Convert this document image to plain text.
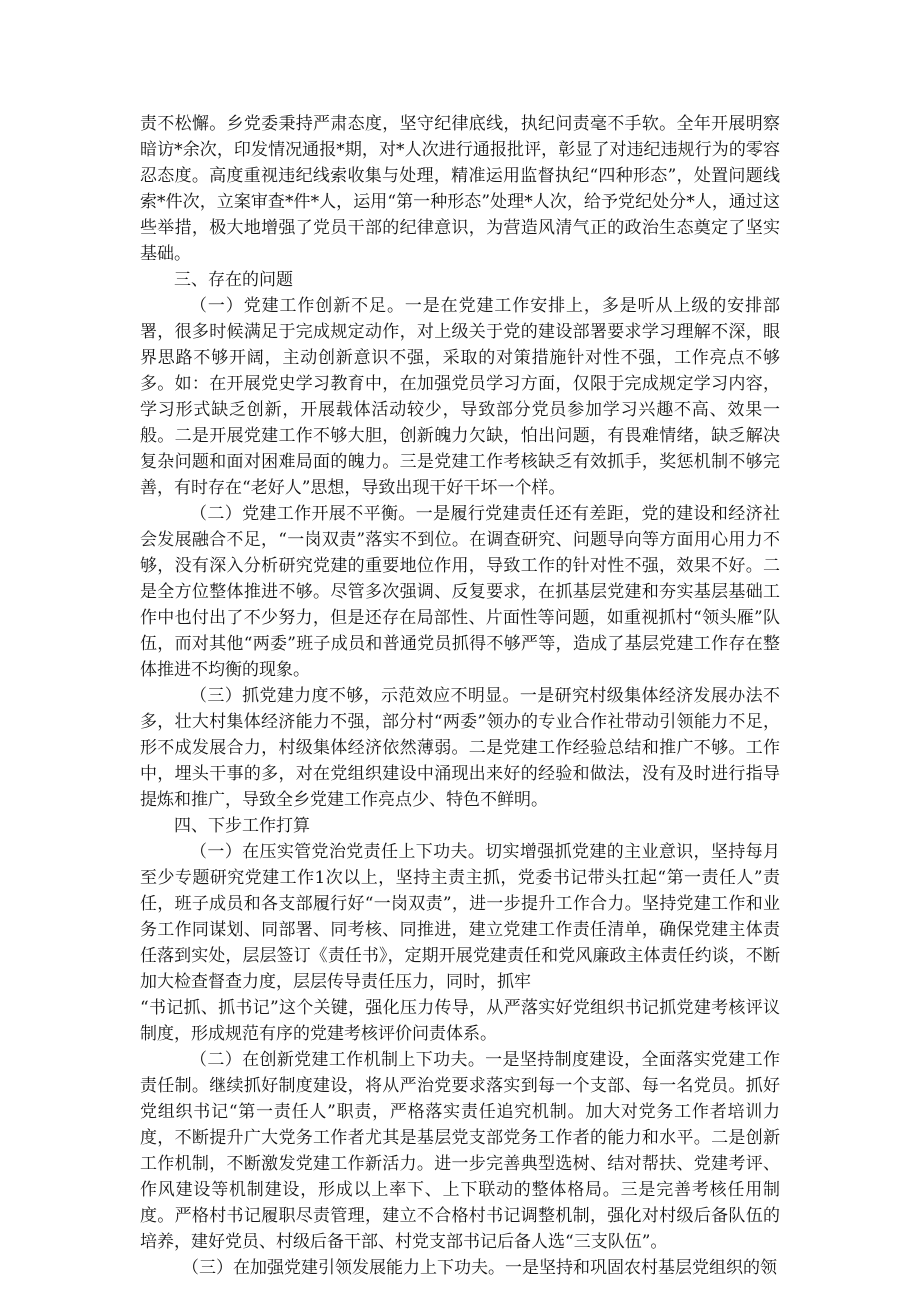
责不松懈。乡党委秉持严肃态度，坚守纪律底线，执纪问责毫不手软。全年开展明察暗访*余次，印发情况通报*期，对*人次进行通报批评，彰显了对违纪违规行为的零容忍态度。高度重视违纪线索收集与处理，精准运用监督执纪“四种形态”，处置问题线索*件次，立案审查*件*人，运用“第一种形态”处理*人次，给予党纪处分*人，通过这些举措，极大地增强了党员干部的纪律意识，为营造风清气正的政治生态奠定了坚实基础。

三、存在的问题

（一）党建工作创新不足。一是在党建工作安排上，多是听从上级的安排部署，很多时候满足于完成规定动作，对上级关于党的建设部署要求学习理解不深，眼界思路不够开阔，主动创新意识不强，采取的对策措施针对性不强，工作亮点不够多。如：在开展党史学习教育中，在加强党员学习方面，仅限于完成规定学习内容，学习形式缺乏创新，开展载体活动较少，导致部分党员参加学习兴趣不高、效果一般。二是开展党建工作不够大胆，创新魄力欠缺，怕出问题，有畏难情绪，缺乏解决复杂问题和面对困难局面的魄力。三是党建工作考核缺乏有效抓手，奖惩机制不够完善，有时存在“老好人”思想，导致出现干好干坏一个样。

（二）党建工作开展不平衡。一是履行党建责任还有差距，党的建设和经济社会发展融合不足，“一岗双责”落实不到位。在调查研究、问题导向等方面用心用力不够，没有深入分析研究党建的重要地位作用，导致工作的针对性不强，效果不好。二是全方位整体推进不够。尽管多次强调、反复要求，在抓基层党建和夯实基层基础工作中也付出了不少努力，但是还存在局部性、片面性等问题，如重视抓村“领头雁”队伍，而对其他“两委”班子成员和普通党员抓得不够严等，造成了基层党建工作存在整体推进不均衡的现象。

（三）抓党建力度不够，示范效应不明显。一是研究村级集体经济发展办法不多，壮大村集体经济能力不强，部分村“两委”领办的专业合作社带动引领能力不足，形不成发展合力，村级集体经济依然薄弱。二是党建工作经验总结和推广不够。工作中，埋头干事的多，对在党组织建设中涌现出来好的经验和做法，没有及时进行指导提炼和推广，导致全乡党建工作亮点少、特色不鲜明。

四、下步工作打算

（一）在压实管党治党责任上下功夫。切实增强抓党建的主业意识，坚持每月至少专题研究党建工作1次以上，坚持主责主抓，党委书记带头扛起“第一责任人”责任，班子成员和各支部履行好“一岗双责”，进一步提升工作合力。坚持党建工作和业务工作同谋划、同部署、同考核、同推进，建立党建工作责任清单，确保党建主体责任落到实处，层层签订《责任书》，定期开展党建责任和党风廉政主体责任约谈，不断加大检查督查力度，层层传导责任压力，同时，抓牢

“书记抓、抓书记”这个关键，强化压力传导，从严落实好党组织书记抓党建考核评议制度，形成规范有序的党建考核评价问责体系。

（二）在创新党建工作机制上下功夫。一是坚持制度建设，全面落实党建工作责任制。继续抓好制度建设，将从严治党要求落实到每一个支部、每一名党员。抓好党组织书记“第一责任人”职责，严格落实责任追究机制。加大对党务工作者培训力度，不断提升广大党务工作者尤其是基层党支部党务工作者的能力和水平。二是创新工作机制，不断激发党建工作新活力。进一步完善典型选树、结对帮扶、党建考评、作风建设等机制建设，形成以上率下、上下联动的整体格局。三是完善考核任用制度。严格村书记履职尽责管理，建立不合格村书记调整机制，强化对村级后备队伍的培养，建好党员、村级后备干部、村党支部书记后备人选“三支队伍”。

（三）在加强党建引领发展能力上下功夫。一是坚持和巩固农村基层党组织的领
